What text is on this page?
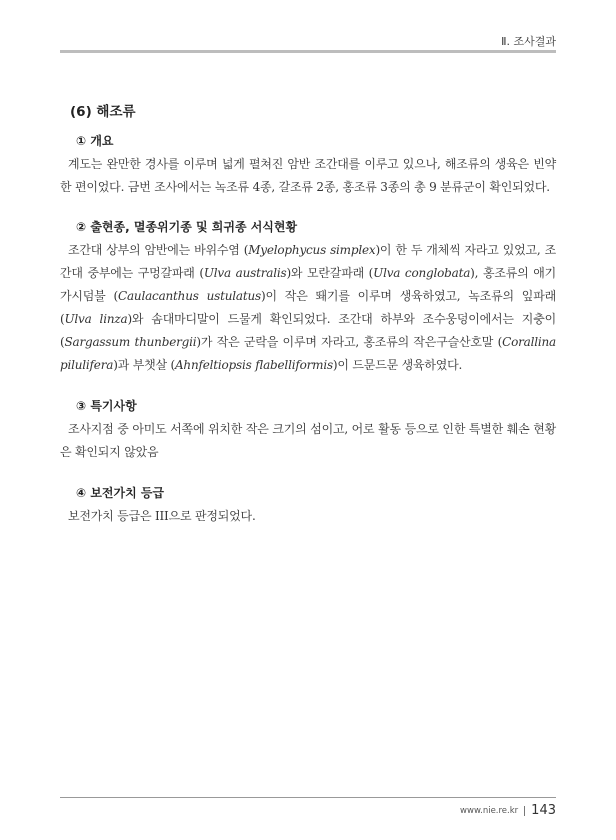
Ⅱ. 조사결과
(6) 해조류
① 개요

계도는 완만한 경사를 이루며 넓게 펼쳐진 암반 조간대를 이루고 있으나, 해조류의 생육은 빈약한 편이었다. 금번 조사에서는 녹조류 4종, 갈조류 2종, 홍조류 3종의 총 9 분류군이 확인되었다.

② 출현종, 멸종위기종 및 희귀종 서식현황

조간대 상부의 암반에는 바위수염 (Myelophycus simplex)이 한 두 개체씩 자라고 있었고, 조간대 중부에는 구멍갈파래 (Ulva australis)와 모란갈파래 (Ulva conglobata), 홍조류의 애기가시덤불 (Caulacanthus ustulatus)이 작은 뙈기를 이루며 생육하였고, 녹조류의 잎파래 (Ulva linza)와 솜대마디말이 드물게 확인되었다. 조간대 하부와 조수웅덩이에서는 지충이 (Sargassum thunbergii)가 작은 군락을 이루며 자라고, 홍조류의 작은구슬산호말 (Corallina pilulifera)과 부챗살 (Ahnfeltiopsis flabelliformis)이 드문드문 생육하였다.

③ 특기사항

조사지점 중 아미도 서쪽에 위치한 작은 크기의 섬이고, 어로 활동 등으로 인한 특별한 훼손 현황은 확인되지 않았음

④ 보전가치 등급

보전가치 등급은 III으로 판정되었다.

www.nie.re.kr 143
